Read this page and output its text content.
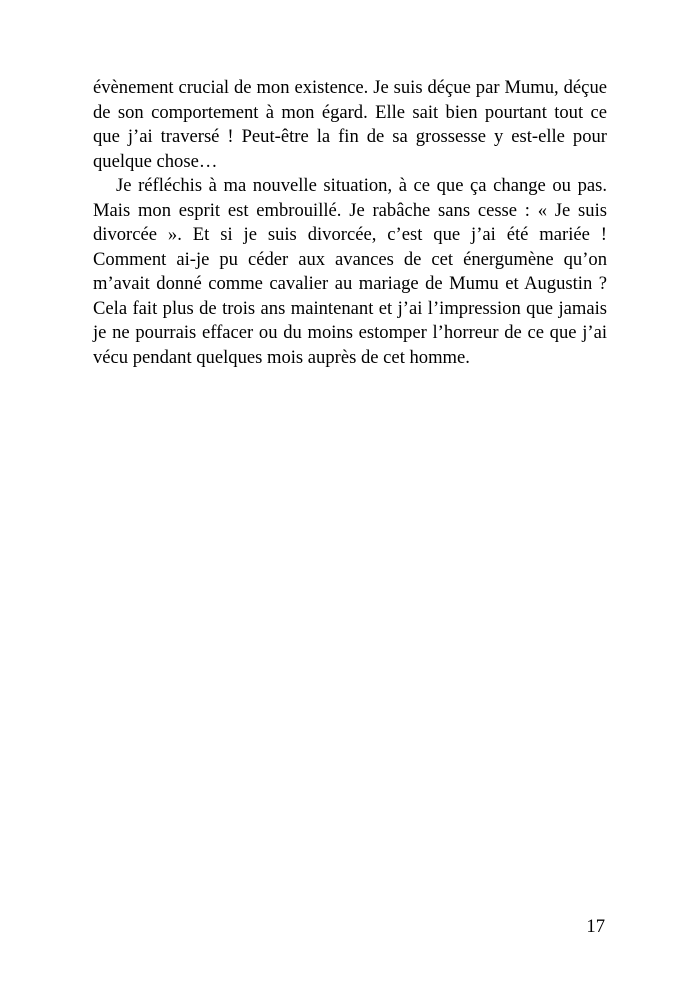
évènement crucial de mon existence. Je suis déçue par Mumu, déçue de son comportement à mon égard. Elle sait bien pourtant tout ce que j’ai traversé ! Peut-être la fin de sa grossesse y est-elle pour quelque chose…

Je réfléchis à ma nouvelle situation, à ce que ça change ou pas. Mais mon esprit est embrouillé. Je rabâche sans cesse : « Je suis divorcée ». Et si je suis divorcée, c’est que j’ai été mariée ! Comment ai-je pu céder aux avances de cet énergumène qu’on m’avait donné comme cavalier au mariage de Mumu et Augustin ? Cela fait plus de trois ans maintenant et j’ai l’impression que jamais je ne pourrais effacer ou du moins estomper l’horreur de ce que j’ai vécu pendant quelques mois auprès de cet homme.

17
